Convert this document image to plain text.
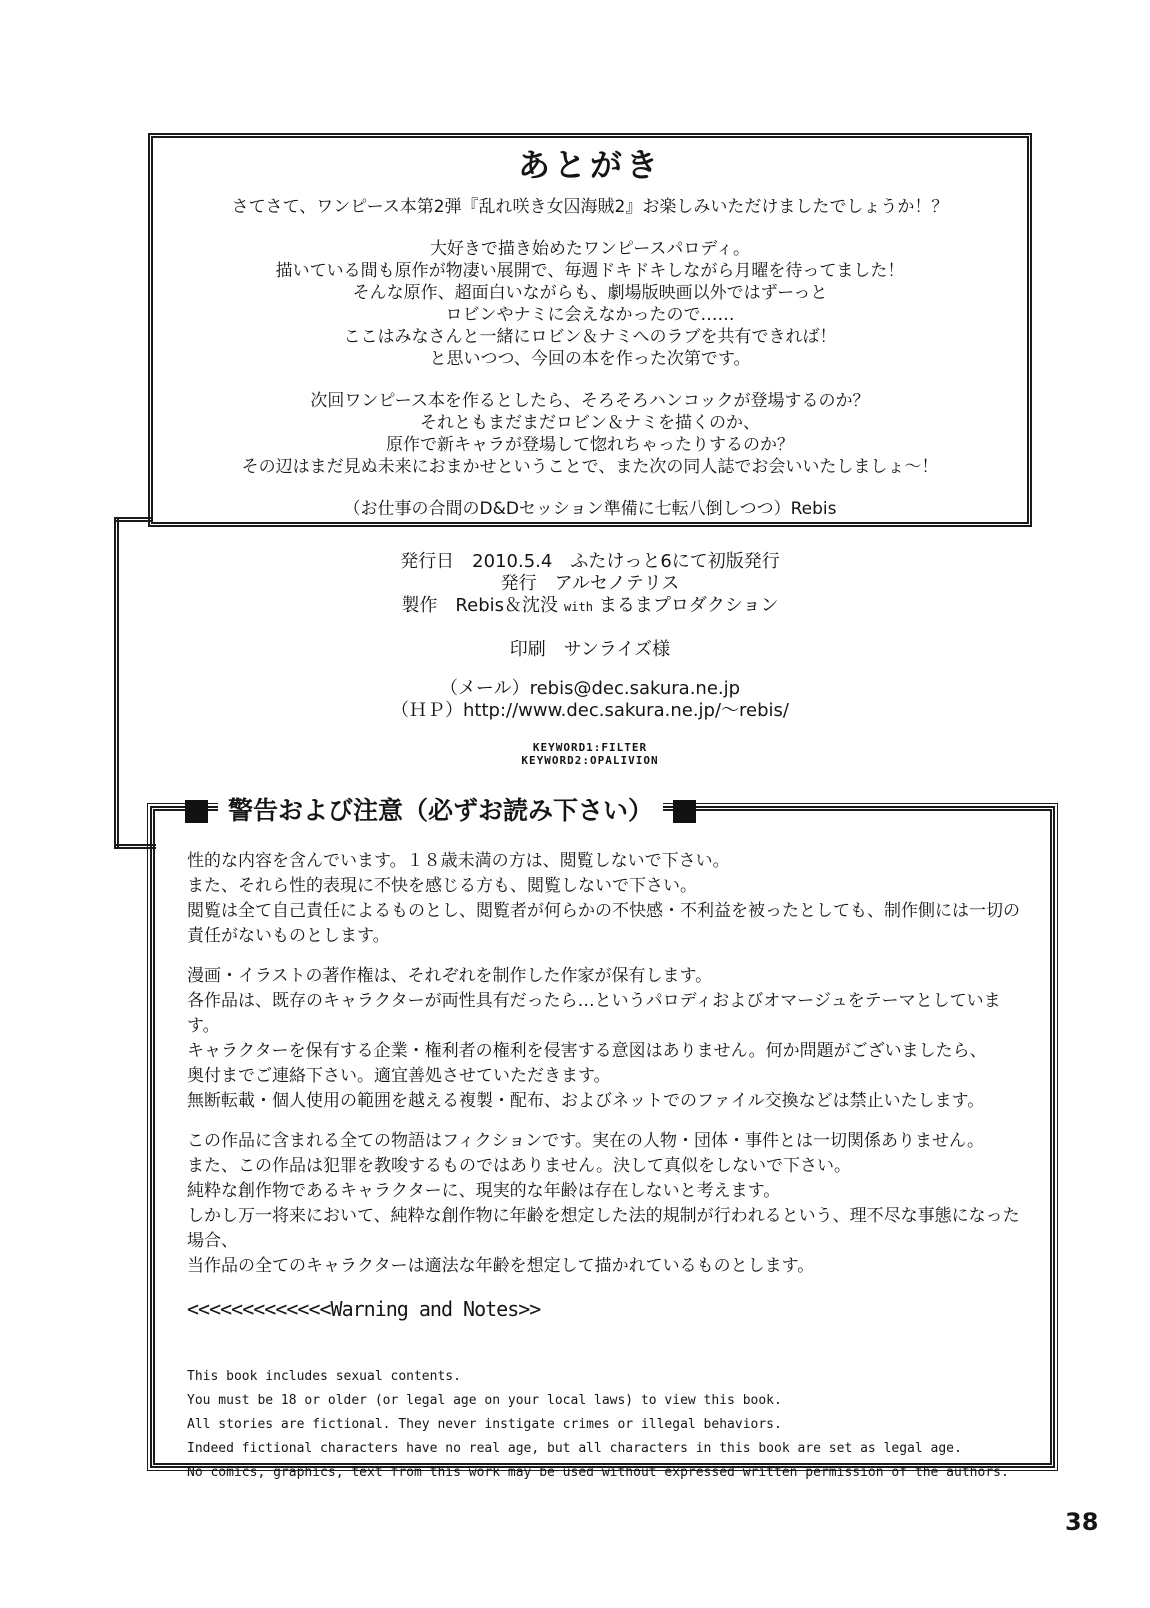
あとがき
さてさて、ワンピース本第2弾『乱れ咲き女囚海賊2』お楽しみいただけましたでしょうか！？
大好きで描き始めたワンピースパロディ。
描いている間も原作が物凄い展開で、毎週ドキドキしながら月曜を待ってました！
そんな原作、超面白いながらも、劇場版映画以外ではずーっと
ロビンやナミに会えなかったので……
ここはみなさんと一緒にロビン＆ナミへのラブを共有できれば！
と思いつつ、今回の本を作った次第です。
次回ワンピース本を作るとしたら、そろそろハンコックが登場するのか？
それともまだまだロビン＆ナミを描くのか、
原作で新キャラが登場して惚れちゃったりするのか？
その辺はまだ見ぬ未来におまかせということで、また次の同人誌でお会いいたしましょ～！
（お仕事の合間のD&Dセッション準備に七転八倒しつつ）Rebis
発行日　2010.5.4　ふたけっと6にて初版発行
発行　アルセノテリス
製作　Rebis＆沈没 with まるまプロダクション
印刷　サンライズ様
（メール）rebis@dec.sakura.ne.jp
（ＨＰ）http://www.dec.sakura.ne.jp/～rebis/
KEYWORD1:FILTER
KEYWORD2:OPALIVION
警告および注意（必ずお読み下さい）
性的な内容を含んでいます。１８歳未満の方は、閲覧しないで下さい。
また、それら性的表現に不快を感じる方も、閲覧しないで下さい。
閲覧は全て自己責任によるものとし、閲覧者が何らかの不快感・不利益を被ったとしても、制作側には一切の
責任がないものとします。
漫画・イラストの著作権は、それぞれを制作した作家が保有します。
各作品は、既存のキャラクターが両性具有だったら…というパロディおよびオマージュをテーマとしています。
キャラクターを保有する企業・権利者の権利を侵害する意図はありません。何か問題がございましたら、
奥付までご連絡下さい。適宜善処させていただきます。
無断転載・個人使用の範囲を越える複製・配布、およびネットでのファイル交換などは禁止いたします。
この作品に含まれる全ての物語はフィクションです。実在の人物・団体・事件とは一切関係ありません。
また、この作品は犯罪を教唆するものではありません。決して真似をしないで下さい。
純粋な創作物であるキャラクターに、現実的な年齢は存在しないと考えます。
しかし万一将来において、純粋な創作物に年齢を想定した法的規制が行われるという、理不尽な事態になった場合、
当作品の全てのキャラクターは適法な年齢を想定して描かれているものとします。
<<<<<<<<<<<<<Warning and Notes>>
This book includes sexual contents.
You must be 18 or older (or legal age on your local laws) to view this book.
All stories are fictional. They never instigate crimes or illegal behaviors.
Indeed fictional characters have no real age, but all characters in this book are set as legal age.
No comics, graphics, text from this work may be used without expressed written permission of the authors.
38
